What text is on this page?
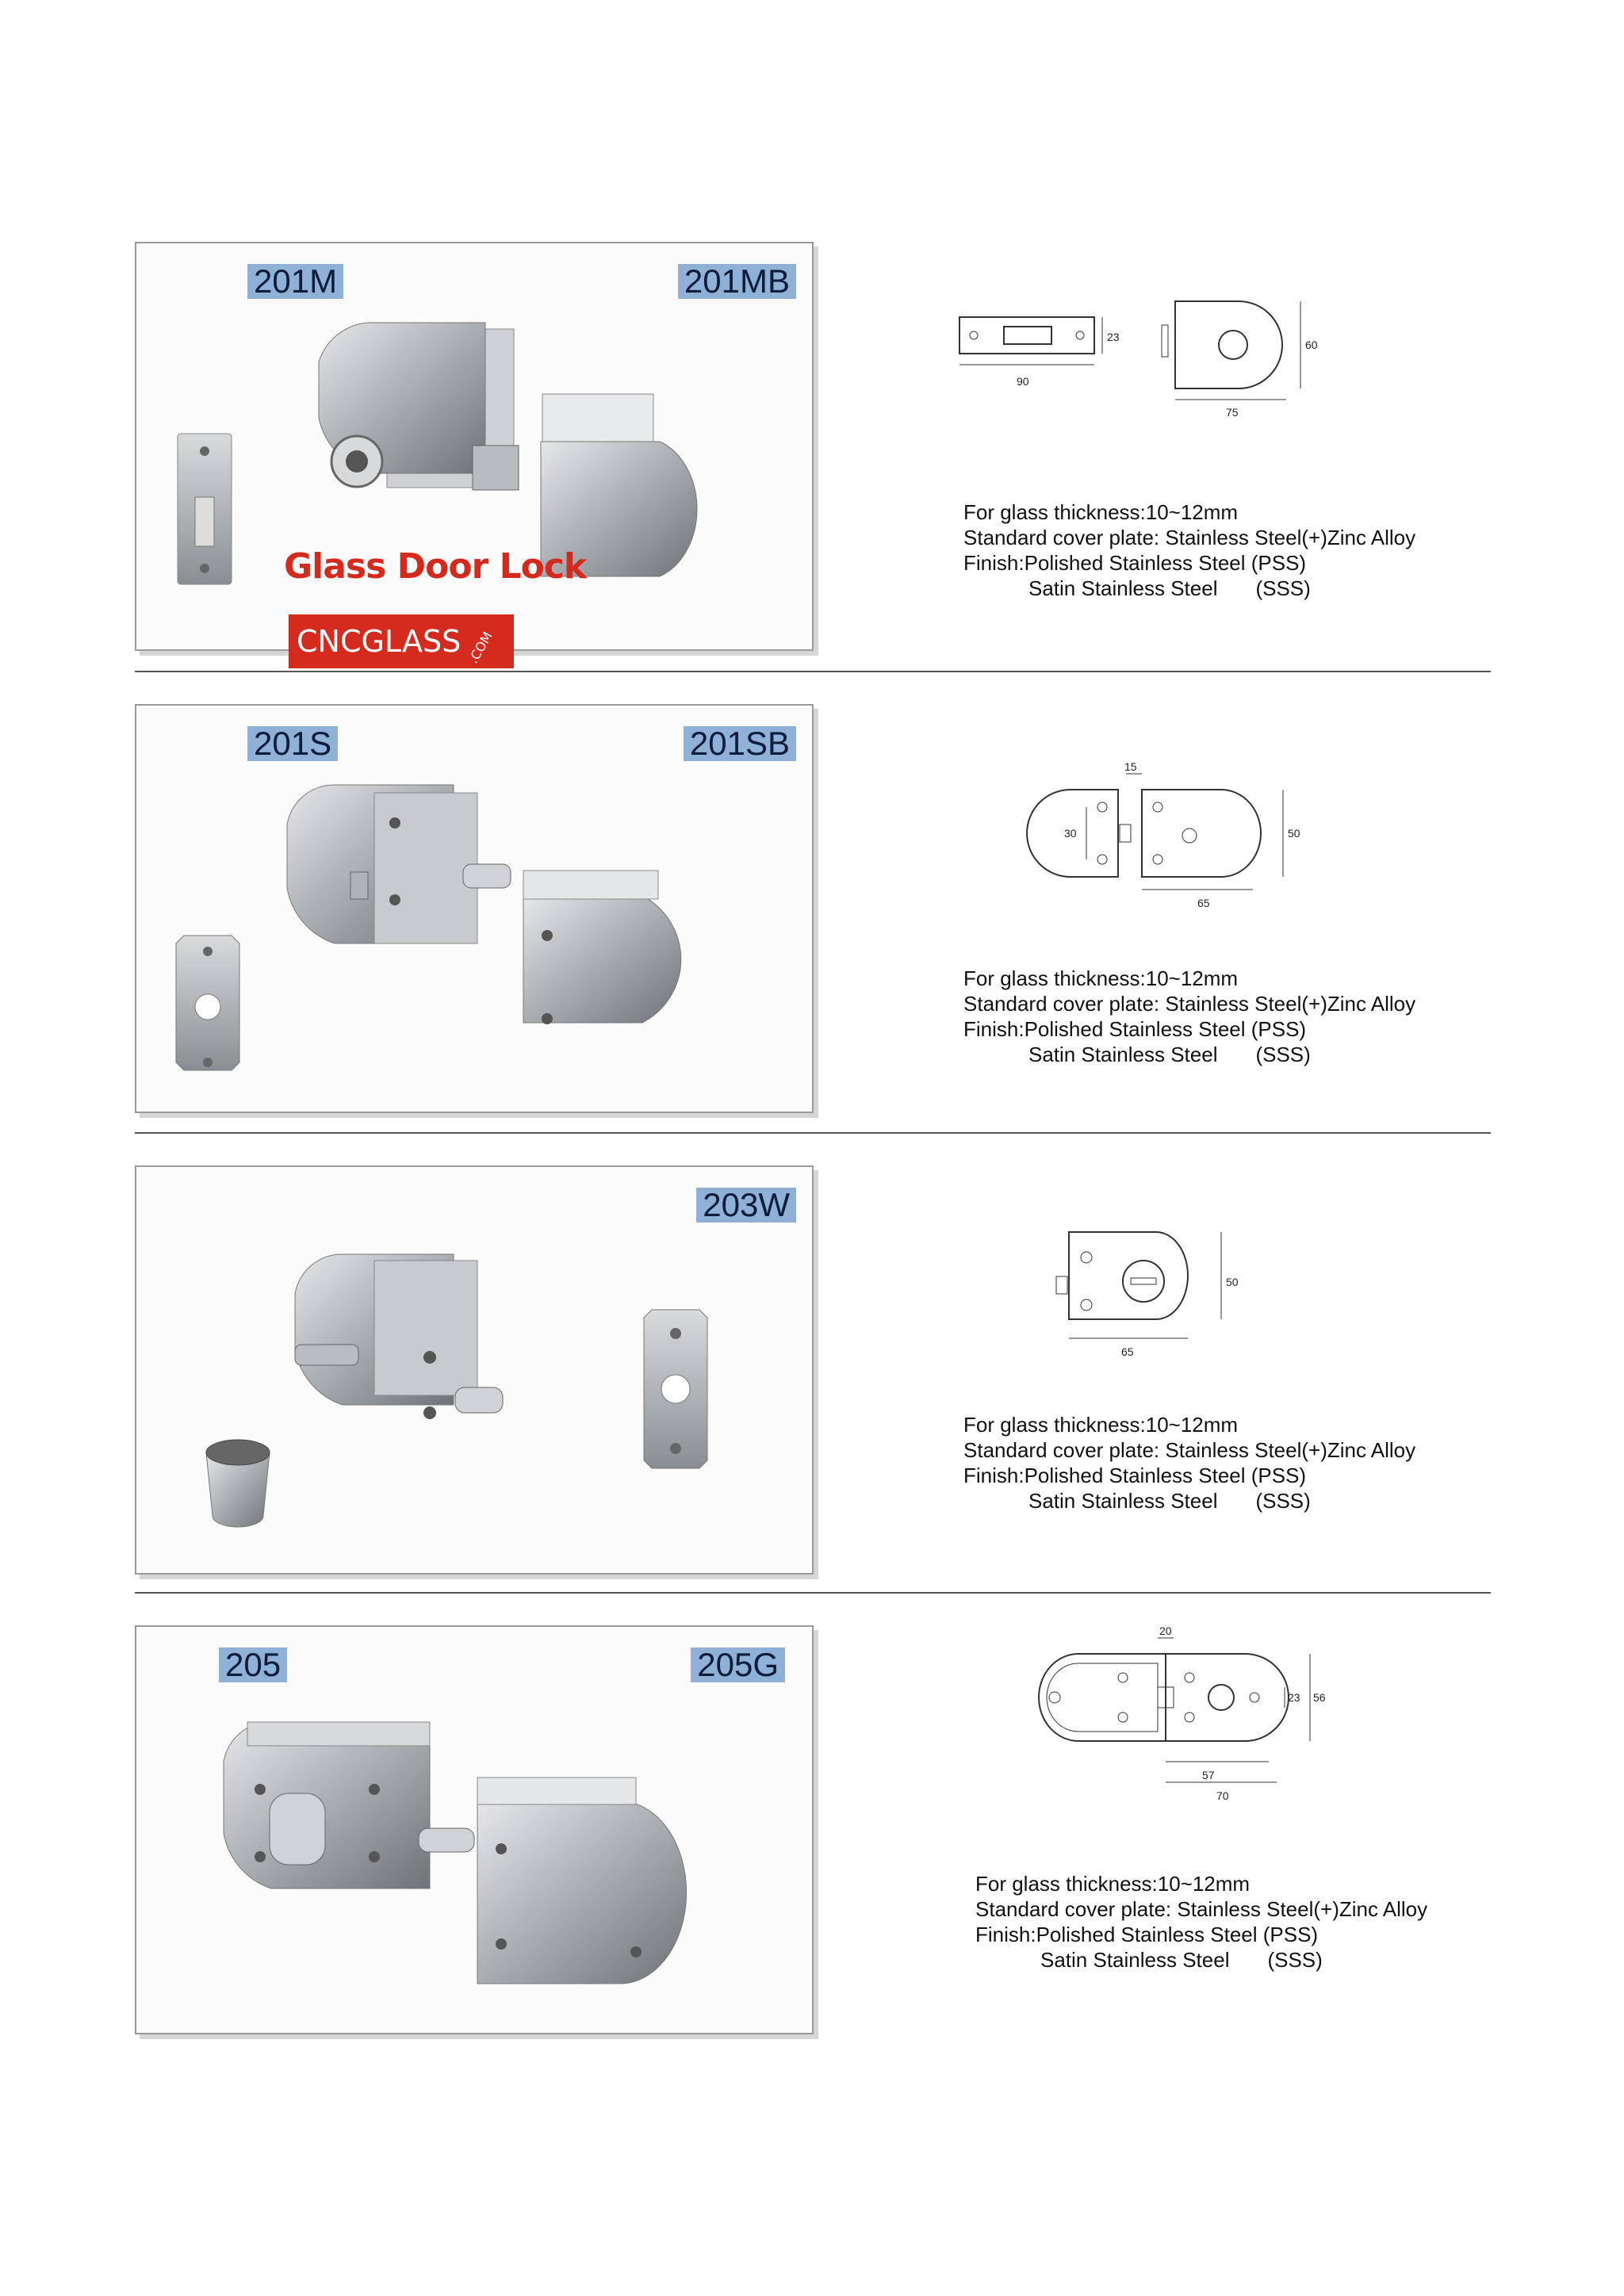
201M	201MB
Glass Door Lock
CNCGLASS .COM
90
23
60
75
For glass thickness:10~12mm
Standard cover plate: Stainless Steel(+)Zinc Alloy
Finish:Polished Stainless Steel (PSS)
Satin Stainless Steel (SSS)
201S	201SB
30
15
50
65
For glass thickness:10~12mm
Standard cover plate: Stainless Steel(+)Zinc Alloy
Finish:Polished Stainless Steel (PSS)
Satin Stainless Steel (SSS)
203W
50
65
For glass thickness:10~12mm
Standard cover plate: Stainless Steel(+)Zinc Alloy
Finish:Polished Stainless Steel (PSS)
Satin Stainless Steel (SSS)
205	205G
20
23 56
57
70
For glass thickness:10~12mm
Standard cover plate: Stainless Steel(+)Zinc Alloy
Finish:Polished Stainless Steel (PSS)
Satin Stainless Steel (SSS)
